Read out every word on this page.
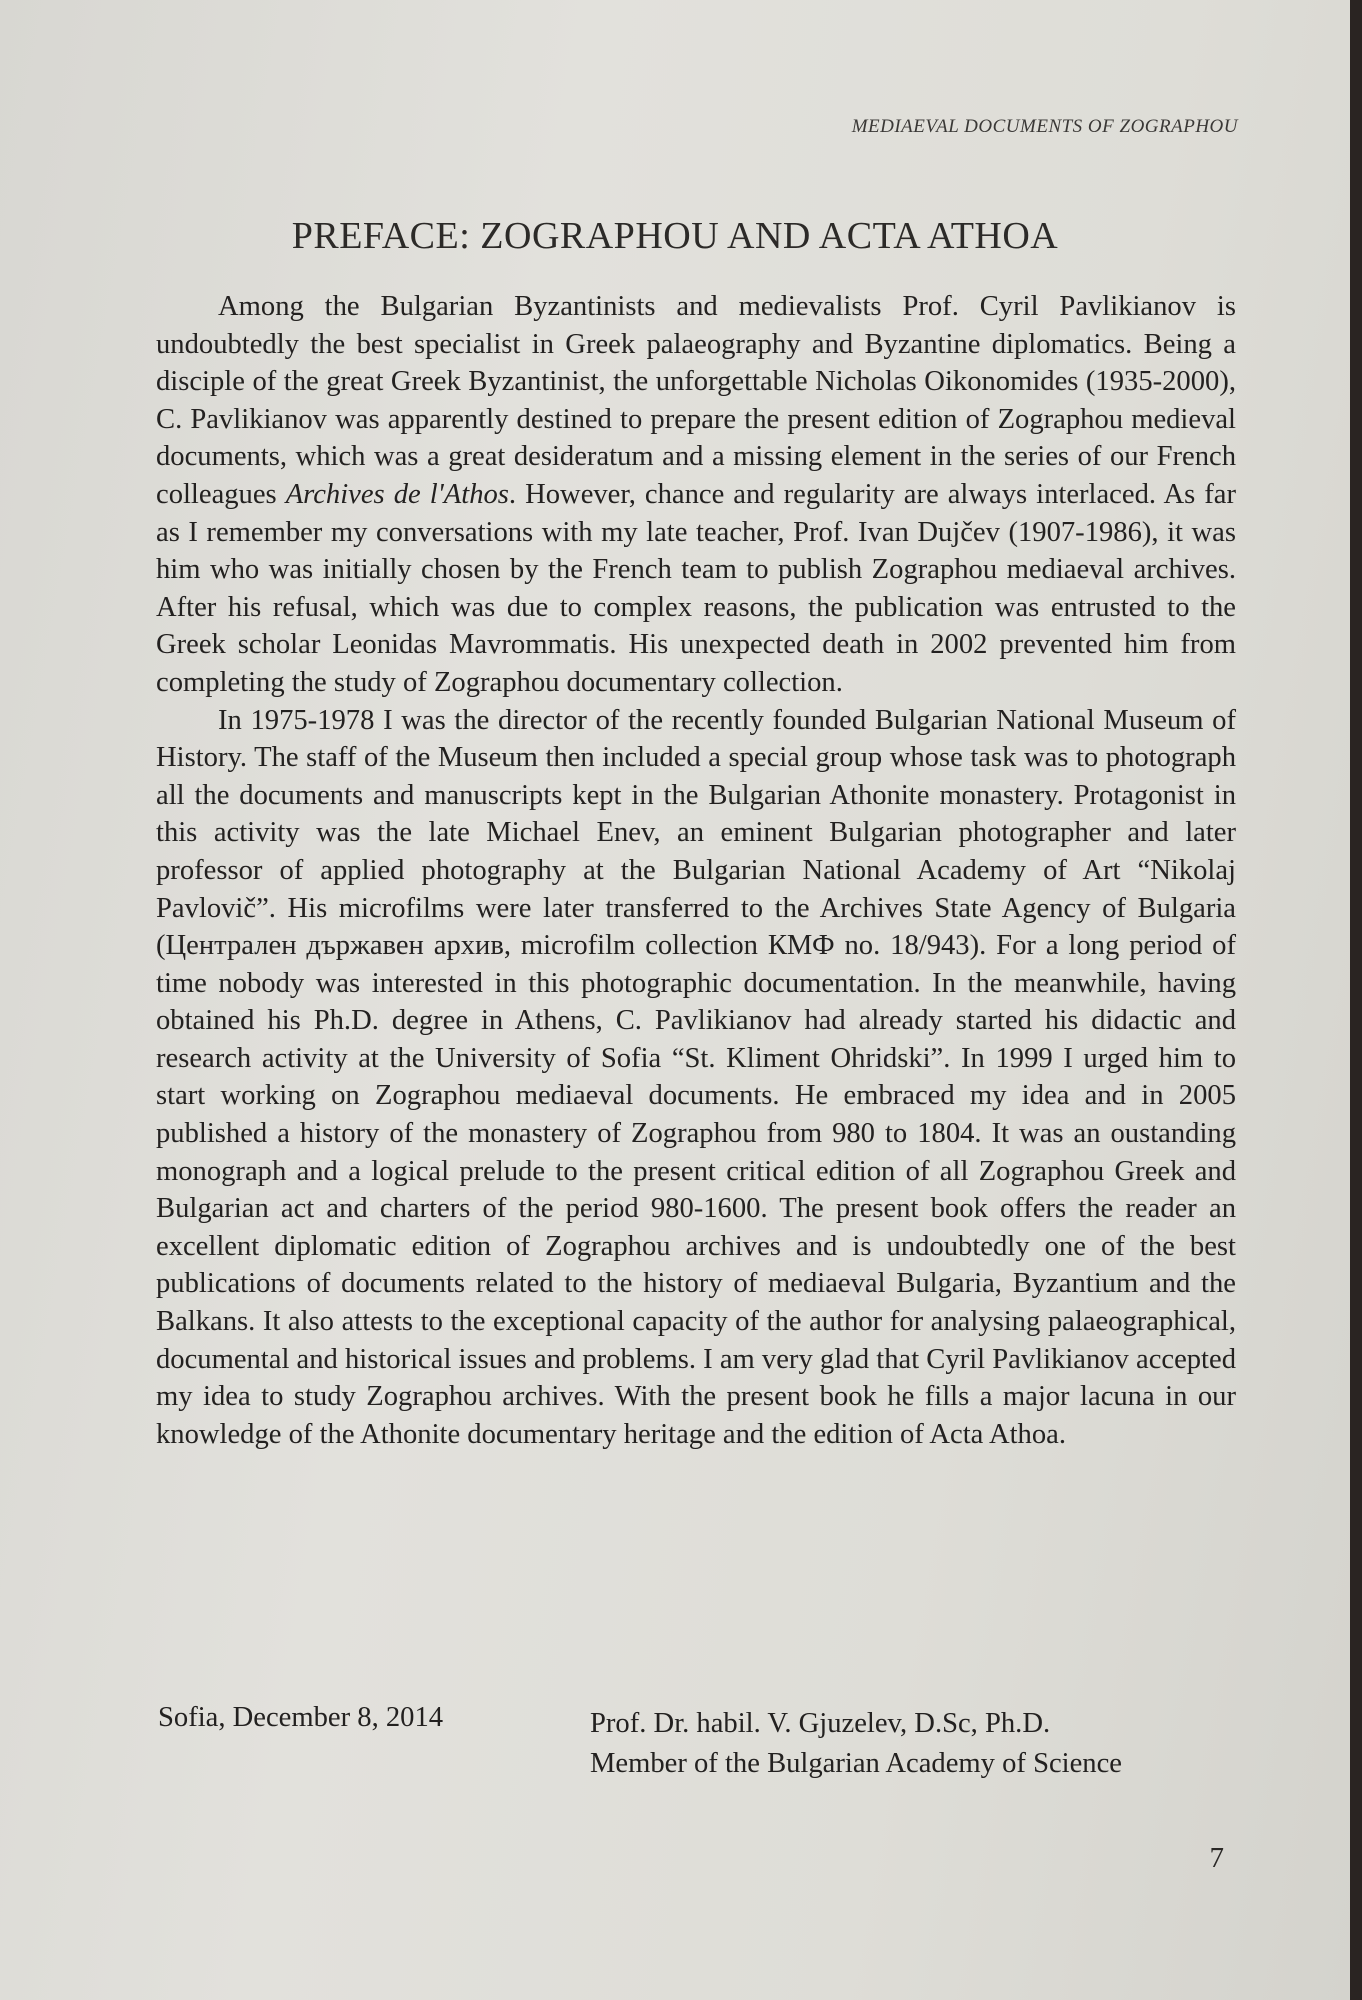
MEDIAEVAL DOCUMENTS OF ZOGRAPHOU
PREFACE: ZOGRAPHOU AND ACTA ATHOA

Among the Bulgarian Byzantinists and medievalists Prof. Cyril Pavlikianov is undoubtedly the best specialist in Greek palaeography and Byzantine diplomatics. Being a disciple of the great Greek Byzantinist, the unforgettable Nicholas Oikonomides (1935-2000), C. Pavlikianov was apparently destined to prepare the present edition of Zographou medieval documents, which was a great desideratum and a missing element in the series of our French colleagues Archives de l'Athos. However, chance and regularity are always interlaced. As far as I remember my conversations with my late teacher, Prof. Ivan Dujčev (1907-1986), it was him who was initially chosen by the French team to publish Zographou mediaeval archives. After his refusal, which was due to complex reasons, the publication was entrusted to the Greek scholar Leonidas Mavrommatis. His unexpected death in 2002 prevented him from completing the study of Zographou documentary collection.

In 1975-1978 I was the director of the recently founded Bulgarian National Museum of History. The staff of the Museum then included a special group whose task was to photograph all the documents and manuscripts kept in the Bulgarian Athonite monastery. Protagonist in this activity was the late Michael Enev, an eminent Bulgarian photographer and later professor of applied photography at the Bulgarian National Academy of Art “Nikolaj Pavlovič”. His microfilms were later transferred to the Archives State Agency of Bulgaria (Централен държавен архив, microfilm collection КМФ no. 18/943). For a long period of time nobody was interested in this photographic documentation. In the meanwhile, having obtained his Ph.D. degree in Athens, C. Pavlikianov had already started his didactic and research activity at the University of Sofia “St. Kliment Ohridski”. In 1999 I urged him to start working on Zographou mediaeval documents. He embraced my idea and in 2005 published a history of the monastery of Zographou from 980 to 1804. It was an oustanding monograph and a logical prelude to the present critical edition of all Zographou Greek and Bulgarian act and charters of the period 980-1600. The present book offers the reader an excellent diplomatic edition of Zographou archives and is undoubtedly one of the best publications of documents related to the history of mediaeval Bulgaria, Byzantium and the Balkans. It also attests to the exceptional capacity of the author for analysing palaeographical, documental and historical issues and problems. I am very glad that Cyril Pavlikianov accepted my idea to study Zographou archives. With the present book he fills a major lacuna in our knowledge of the Athonite documentary heritage and the edition of Acta Athoa.

Sofia, December 8, 2014	Prof. Dr. habil. V. Gjuzelev, D.Sc, Ph.D.
Member of the Bulgarian Academy of Science
7
